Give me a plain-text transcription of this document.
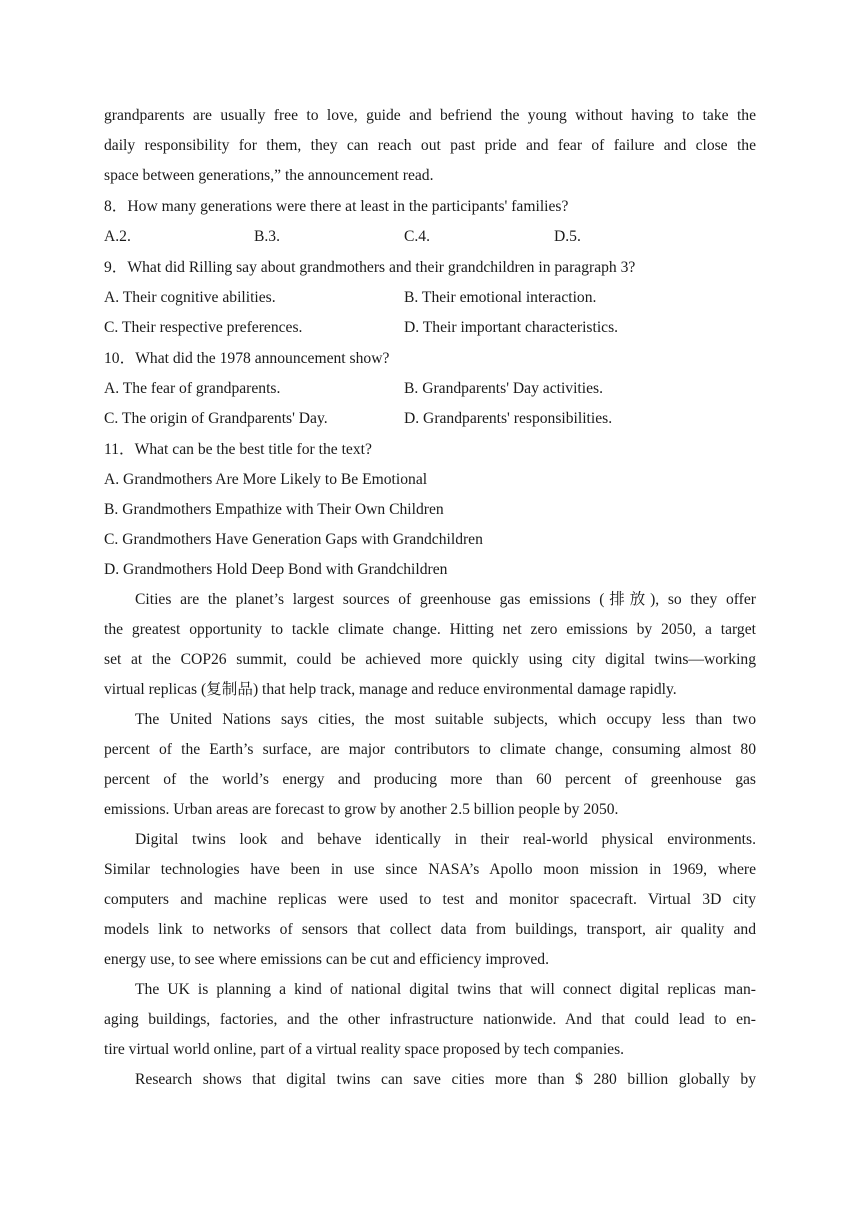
grandparents are usually free to love, guide and befriend the young without having to take the
daily responsibility for them, they can reach out past pride and fear of failure and close the
space between generations,” the announcement read.
8．How many generations were there at least in the participants' families?
A.2.	B.3.	C.4.	D.5.
9．What did Rilling say about grandmothers and their grandchildren in paragraph 3?
A. Their cognitive abilities.	B. Their emotional interaction.
C. Their respective preferences.	D. Their important characteristics.
10．What did the 1978 announcement show?
A. The fear of grandparents.	B. Grandparents' Day activities.
C. The origin of Grandparents' Day.	D. Grandparents' responsibilities.
11．What can be the best title for the text?
A. Grandmothers Are More Likely to Be Emotional
B. Grandmothers Empathize with Their Own Children
C. Grandmothers Have Generation Gaps with Grandchildren
D. Grandmothers Hold Deep Bond with Grandchildren
Cities are the planet’s largest sources of greenhouse gas emissions (排放), so they offer
the greatest opportunity to tackle climate change. Hitting net zero emissions by 2050, a target
set at the COP26 summit, could be achieved more quickly using city digital twins—working
virtual replicas (复制品) that help track, manage and reduce environmental damage rapidly.
The United Nations says cities, the most suitable subjects, which occupy less than two
percent of the Earth’s surface, are major contributors to climate change, consuming almost 80
percent of the world’s energy and producing more than 60 percent of greenhouse gas
emissions. Urban areas are forecast to grow by another 2.5 billion people by 2050.
Digital twins look and behave identically in their real-world physical environments.
Similar technologies have been in use since NASA’s Apollo moon mission in 1969, where
computers and machine replicas were used to test and monitor spacecraft. Virtual 3D city
models link to networks of sensors that collect data from buildings, transport, air quality and
energy use, to see where emissions can be cut and efficiency improved.
The UK is planning a kind of national digital twins that will connect digital replicas man-
aging buildings, factories, and the other infrastructure nationwide. And that could lead to en-
tire virtual world online, part of a virtual reality space proposed by tech companies.
Research shows that digital twins can save cities more than $ 280 billion globally by
